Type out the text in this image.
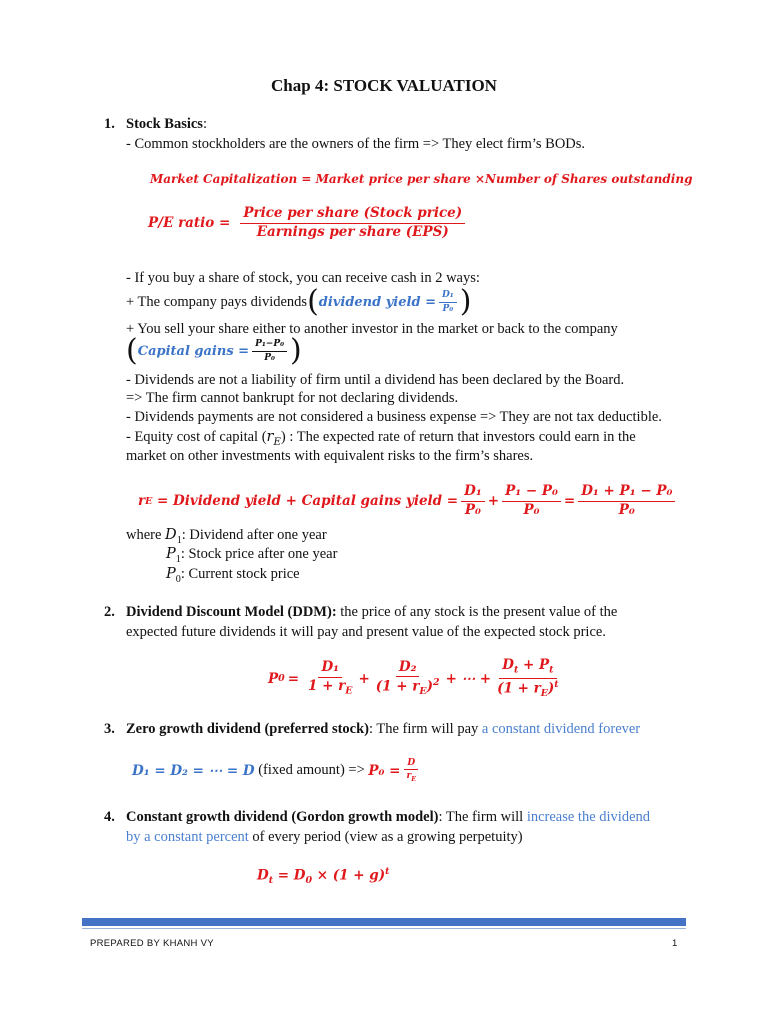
Chap 4: STOCK VALUATION
1. Stock Basics:
- Common stockholders are the owners of the firm => They elect firm’s BODs.
Market Capitalization = Market price per share ×Number of Shares outstanding
P/E ratio = $\frac{\text{Price per share (Stock price)}}{\text{Earnings per share (EPS)}}$
- If you buy a share of stock, you can receive cash in 2 ways:
+ The company pays dividends ( dividend yield = $\frac{\text{D₁}}{\text{P₀}}$ )
+ You sell your share either to another investor in the market or back to the company
( Capital gains = $\frac{\text{P₁−P₀}}{\text{P₀}}$ )
- Dividends are not a liability of firm until a dividend has been declared by the Board.
=> The firm cannot bankrupt for not declaring dividends.
- Dividends payments are not considered a business expense => They are not tax deductible.
- Equity cost of capital $(r_E)$ : The expected rate of return that investors could earn in the
market on other investments with equivalent risks to the firm’s shares.
r E = Dividend yield + Capital gains yield = $\frac{\text{D₁}}{\text{P₀}} + \frac{\text{P₁ − P₀}}{\text{P₀}} = \frac{\text{D₁ + P₁ − P₀}}{\text{P₀}}$
where $D_1$: Dividend after one year
$P_1$: Stock price after one year
$P_0$: Current stock price
2. Dividend Discount Model (DDM): the price of any stock is the present value of the
expected future dividends it will pay and present value of the expected stock price.
P $0 = \frac{\text{D₁}}{1 + r_E} + \frac{\text{D₂}}{(1 + r_E)^2}$ + ⋯ + $\frac{D_t + P_t}{(1 + r_E)^t}$
3. Zero growth dividend (preferred stock): The firm will pay a constant dividend forever
D₁ = D₂ = ⋯ = D (fixed amount) => $P_0 = \frac{D}{r_E}$
4. Constant growth dividend (Gordon growth model): The firm will increase the dividend
by a constant percent of every period (view as a growing perpetuity)
$D_t = D_0 \times (1 + g)^t$
PREPARED BY KHANH VY	1
